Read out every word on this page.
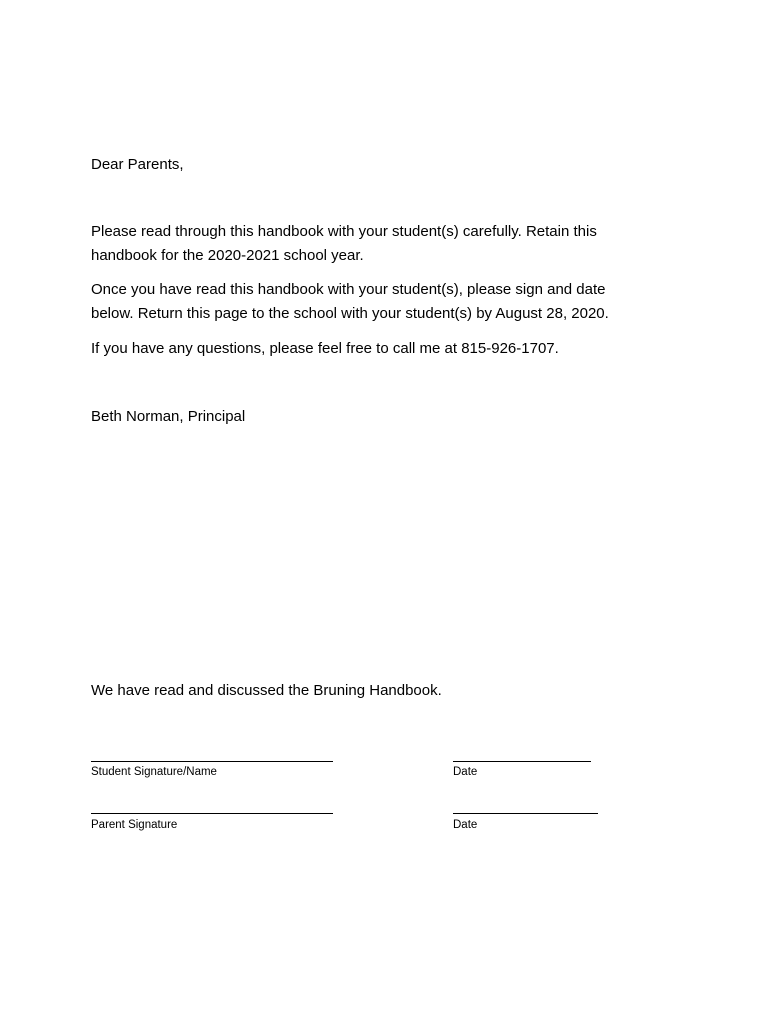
Dear Parents,
Please read through this handbook with your student(s) carefully. Retain this
handbook for the 2020-2021 school year.
Once you have read this handbook with your student(s), please sign and date
below. Return this page to the school with your student(s) by August 28, 2020.
If you have any questions, please feel free to call me at 815-926-1707.
Beth Norman, Principal
We have read and discussed the Bruning Handbook.
Student Signature/Name	Date
Parent Signature	Date
